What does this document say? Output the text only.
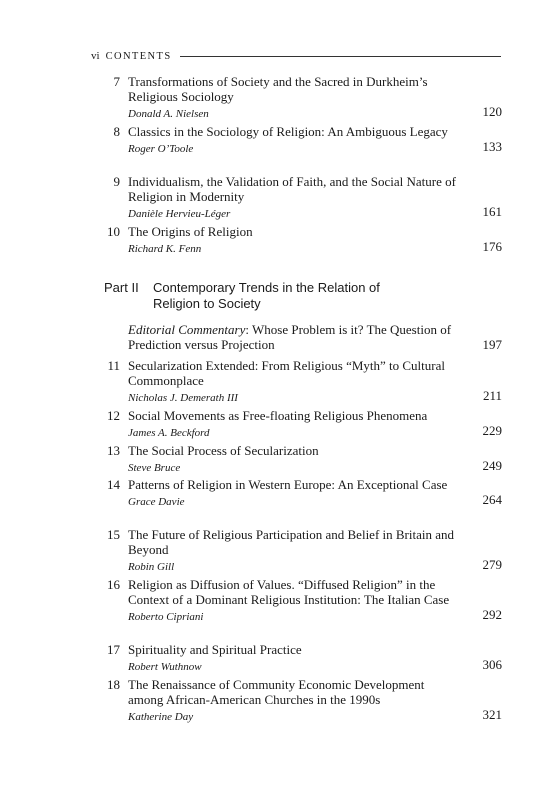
vi CONTENTS
7 Transformations of Society and the Sacred in Durkheim’s Religious Sociology
Donald A. Nielsen	120
8 Classics in the Sociology of Religion: An Ambiguous Legacy
Roger O’Toole	133
9 Individualism, the Validation of Faith, and the Social Nature of Religion in Modernity
Danièle Hervieu-Léger	161
10 The Origins of Religion
Richard K. Fenn	176
Part II Contemporary Trends in the Relation of Religion to Society
Editorial Commentary: Whose Problem is it? The Question of Prediction versus Projection	197
11 Secularization Extended: From Religious “Myth” to Cultural Commonplace
Nicholas J. Demerath III	211
12 Social Movements as Free-floating Religious Phenomena
James A. Beckford	229
13 The Social Process of Secularization
Steve Bruce	249
14 Patterns of Religion in Western Europe: An Exceptional Case
Grace Davie	264
15 The Future of Religious Participation and Belief in Britain and Beyond
Robin Gill	279
16 Religion as Diffusion of Values. “Diffused Religion” in the Context of a Dominant Religious Institution: The Italian Case
Roberto Cipriani	292
17 Spirituality and Spiritual Practice
Robert Wuthnow	306
18 The Renaissance of Community Economic Development among African-American Churches in the 1990s
Katherine Day	321
